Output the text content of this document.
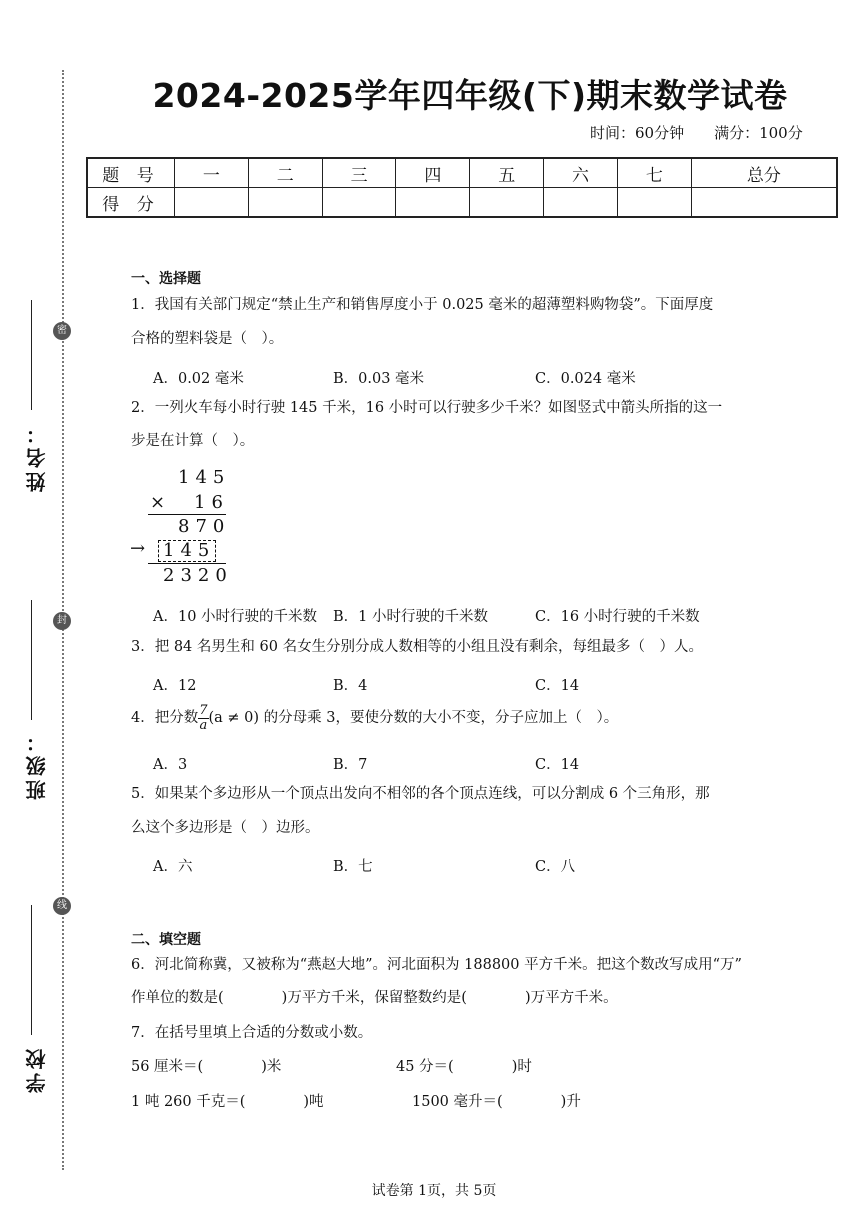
密
封
线
姓名：
班级：
学校
2024-2025学年四年级(下)期末数学试卷
时间：60分钟 满分：100分
题 号	一	二	三	四	五	六	七	总分
得 分								
一、选择题
1．我国有关部门规定“禁止生产和销售厚度小于 0.025 毫米的超薄塑料购物袋”。下面厚度
合格的塑料袋是（　）。
A．0.02 毫米	B．0.03 毫米	C．0.024 毫米
2．一列火车每小时行驶 145 千米，16 小时可以行驶多少千米？如图竖式中箭头所指的这一
步是在计算（　）。
145
× 16
870
→ 145
2320
A．10 小时行驶的千米数 B．1 小时行驶的千米数	C．16 小时行驶的千米数
3．把 84 名男生和 60 名女生分别分成人数相等的小组且没有剩余，每组最多（　）人。
A．12	B．4	C．14
4．把分数 $\frac{7}{a}(a \ne 0)$ 的分母乘 3，要使分数的大小不变，分子应加上（　）。
A．3	B．7	C．14
5．如果某个多边形从一个顶点出发向不相邻的各个顶点连线，可以分割成 6 个三角形，那
么这个多边形是（　）边形。
A．六	B．七	C．八
二、填空题
6．河北简称冀，又被称为“燕赵大地”。河北面积为 188800 平方千米。把这个数改写成用“万”
作单位的数是(　　　　)万平方千米，保留整数约是(　　　　)万平方千米。
7．在括号里填上合适的分数或小数。
56 厘米＝(　　　　)米	45 分＝(　　　　)时
1 吨 260 千克＝(　　　　)吨	1500 毫升＝(　　　　)升
试卷第 1页，共 5页
